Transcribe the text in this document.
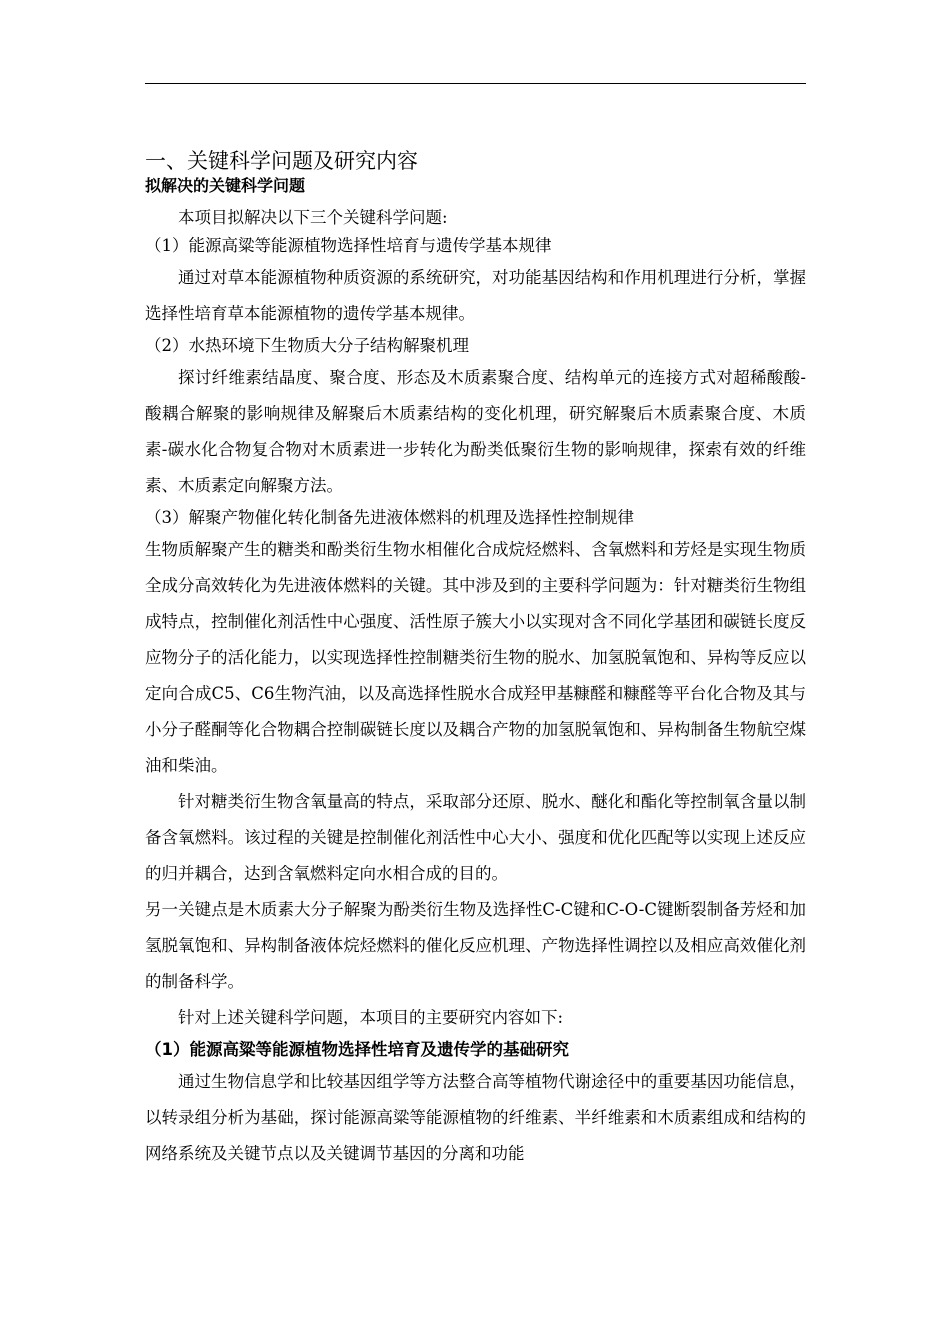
一、关键科学问题及研究内容

拟解决的关键科学问题

本项目拟解决以下三个关键科学问题:

（1）能源高粱等能源植物选择性培育与遗传学基本规律

通过对草本能源植物种质资源的系统研究，对功能基因结构和作用机理进行分析，掌握选择性培育草本能源植物的遗传学基本规律。

（2）水热环境下生物质大分子结构解聚机理

探讨纤维素结晶度、聚合度、形态及木质素聚合度、结构单元的连接方式对超稀酸酸-酸耦合解聚的影响规律及解聚后木质素结构的变化机理，研究解聚后木质素聚合度、木质素-碳水化合物复合物对木质素进一步转化为酚类低聚衍生物的影响规律，探索有效的纤维素、木质素定向解聚方法。

（3）解聚产物催化转化制备先进液体燃料的机理及选择性控制规律

生物质解聚产生的糖类和酚类衍生物水相催化合成烷烃燃料、含氧燃料和芳烃是实现生物质全成分高效转化为先进液体燃料的关键。其中涉及到的主要科学问题为：针对糖类衍生物组成特点，控制催化剂活性中心强度、活性原子簇大小以实现对含不同化学基团和碳链长度反应物分子的活化能力，以实现选择性控制糖类衍生物的脱水、加氢脱氧饱和、异构等反应以定向合成C5、C6生物汽油，以及高选择性脱水合成羟甲基糠醛和糠醛等平台化合物及其与小分子醛酮等化合物耦合控制碳链长度以及耦合产物的加氢脱氧饱和、异构制备生物航空煤油和柴油。

针对糖类衍生物含氧量高的特点，采取部分还原、脱水、醚化和酯化等控制氧含量以制备含氧燃料。该过程的关键是控制催化剂活性中心大小、强度和优化匹配等以实现上述反应的归并耦合，达到含氧燃料定向水相合成的目的。

另一关键点是木质素大分子解聚为酚类衍生物及选择性C-C键和C-O-C键断裂制备芳烃和加氢脱氧饱和、异构制备液体烷烃燃料的催化反应机理、产物选择性调控以及相应高效催化剂的制备科学。

针对上述关键科学问题，本项目的主要研究内容如下:

（1）能源高粱等能源植物选择性培育及遗传学的基础研究

通过生物信息学和比较基因组学等方法整合高等植物代谢途径中的重要基因功能信息，以转录组分析为基础，探讨能源高粱等能源植物的纤维素、半纤维素和木质素组成和结构的网络系统及关键节点以及关键调节基因的分离和功能
